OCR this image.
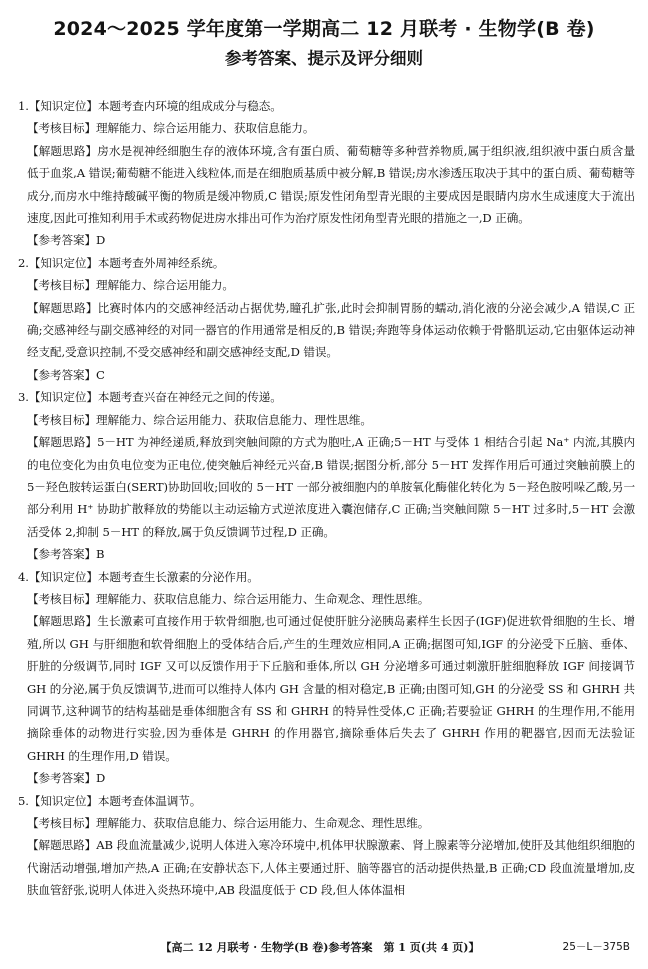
2024～2025 学年度第一学期高二 12 月联考 · 生物学(B 卷)
参考答案、提示及评分细则

1.【知识定位】本题考查内环境的组成成分与稳态。

【考核目标】理解能力、综合运用能力、获取信息能力。

【解题思路】房水是视神经细胞生存的液体环境,含有蛋白质、葡萄糖等多种营养物质,属于组织液,组织液中蛋白质含量低于血浆,A 错误;葡萄糖不能进入线粒体,而是在细胞质基质中被分解,B 错误;房水渗透压取决于其中的蛋白质、葡萄糖等成分,而房水中维持酸碱平衡的物质是缓冲物质,C 错误;原发性闭角型青光眼的主要成因是眼睛内房水生成速度大于流出速度,因此可推知利用手术或药物促进房水排出可作为治疗原发性闭角型青光眼的措施之一,D 正确。

【参考答案】D

2.【知识定位】本题考查外周神经系统。

【考核目标】理解能力、综合运用能力。

【解题思路】比赛时体内的交感神经活动占据优势,瞳孔扩张,此时会抑制胃肠的蠕动,消化液的分泌会减少,A 错误,C 正确;交感神经与副交感神经的对同一器官的作用通常是相反的,B 错误;奔跑等身体运动依赖于骨骼肌运动,它由躯体运动神经支配,受意识控制,不受交感神经和副交感神经支配,D 错误。

【参考答案】C

3.【知识定位】本题考查兴奋在神经元之间的传递。

【考核目标】理解能力、综合运用能力、获取信息能力、理性思维。

【解题思路】5－HT 为神经递质,释放到突触间隙的方式为胞吐,A 正确;5－HT 与受体 1 相结合引起 Na⁺ 内流,其膜内的电位变化为由负电位变为正电位,使突触后神经元兴奋,B 错误;据图分析,部分 5－HT 发挥作用后可通过突触前膜上的 5－羟色胺转运蛋白(SERT)协助回收;回收的 5－HT 一部分被细胞内的单胺氧化酶催化转化为 5－羟色胺吲哚乙酸,另一部分利用 H⁺ 协助扩散释放的势能以主动运输方式逆浓度进入囊泡储存,C 正确;当突触间隙 5－HT 过多时,5－HT 会激活受体 2,抑制 5－HT 的释放,属于负反馈调节过程,D 正确。

【参考答案】B

4.【知识定位】本题考查生长激素的分泌作用。

【考核目标】理解能力、获取信息能力、综合运用能力、生命观念、理性思维。

【解题思路】生长激素可直接作用于软骨细胞,也可通过促使肝脏分泌胰岛素样生长因子(IGF)促进软骨细胞的生长、增殖,所以 GH 与肝细胞和软骨细胞上的受体结合后,产生的生理效应相同,A 正确;据图可知,IGF 的分泌受下丘脑、垂体、肝脏的分级调节,同时 IGF 又可以反馈作用于下丘脑和垂体,所以 GH 分泌增多可通过刺激肝脏细胞释放 IGF 间接调节 GH 的分泌,属于负反馈调节,进而可以维持人体内 GH 含量的相对稳定,B 正确;由图可知,GH 的分泌受 SS 和 GHRH 共同调节,这种调节的结构基础是垂体细胞含有 SS 和 GHRH 的特异性受体,C 正确;若要验证 GHRH 的生理作用,不能用摘除垂体的动物进行实验,因为垂体是 GHRH 的作用器官,摘除垂体后失去了 GHRH 作用的靶器官,因而无法验证 GHRH 的生理作用,D 错误。

【参考答案】D

5.【知识定位】本题考查体温调节。

【考核目标】理解能力、获取信息能力、综合运用能力、生命观念、理性思维。

【解题思路】AB 段血流量减少,说明人体进入寒冷环境中,机体甲状腺激素、肾上腺素等分泌增加,使肝及其他组织细胞的代谢活动增强,增加产热,A 正确;在安静状态下,人体主要通过肝、脑等器官的活动提供热量,B 正确;CD 段血流量增加,皮肤血管舒张,说明人体进入炎热环境中,AB 段温度低于 CD 段,但人体体温相

【高二 12 月联考 · 生物学(B 卷)参考答案　第 1 页(共 4 页)】	25－L－375B
